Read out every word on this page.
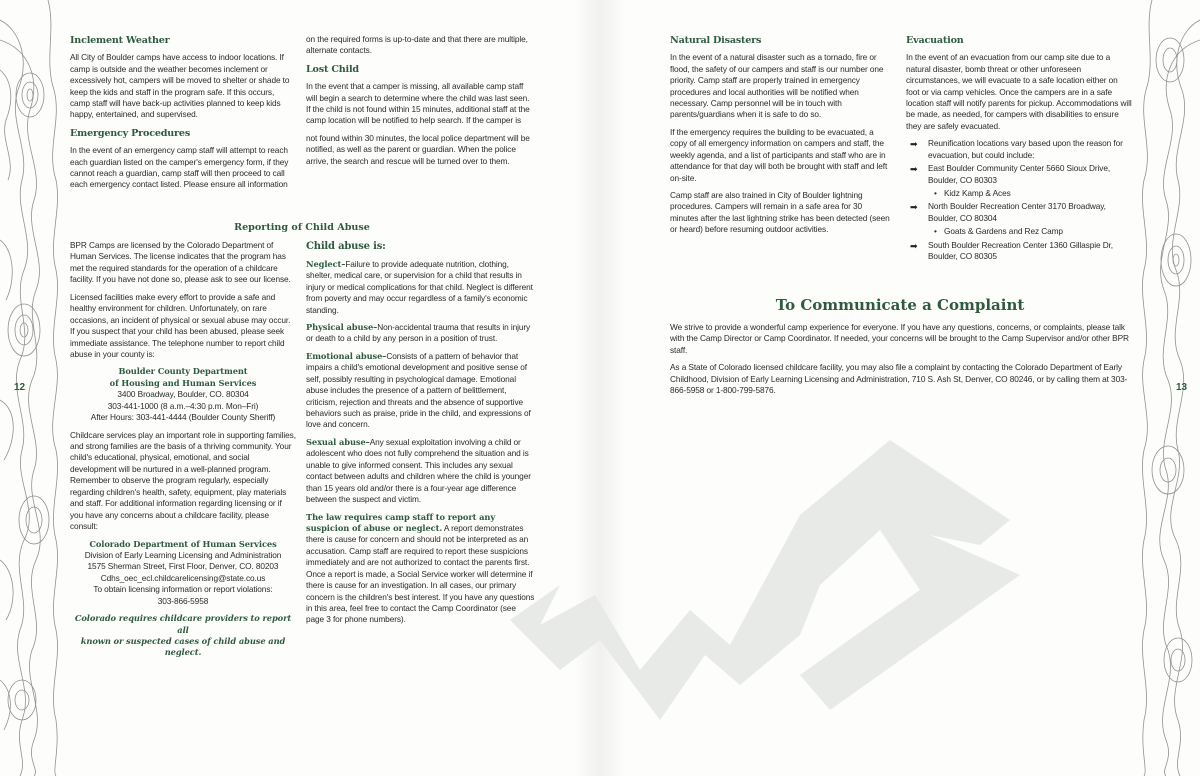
12	13
Inclement Weather

All City of Boulder camps have access to indoor locations. If camp is outside and the weather becomes inclement or excessively hot, campers will be moved to shelter or shade to keep the kids and staff in the program safe. If this occurs, camp staff will have back-up activities planned to keep kids happy, entertained, and supervised.

Emergency Procedures

In the event of an emergency camp staff will attempt to reach each guardian listed on the camper's emergency form, if they cannot reach a guardian, camp staff will then proceed to call each emergency contact listed. Please ensure all information

on the required forms is up-to-date and that there are multiple, alternate contacts.

Lost Child

In the event that a camper is missing, all available camp staff will begin a search to determine where the child was last seen. If the child is not found within 15 minutes, additional staff at the camp location will be notified to help search. If the camper is

not found within 30 minutes, the local police department will be notified, as well as the parent or guardian. When the police arrive, the search and rescue will be turned over to them.

Reporting of Child Abuse

BPR Camps are licensed by the Colorado Department of Human Services. The license indicates that the program has met the required standards for the operation of a childcare facility. If you have not done so, please ask to see our license.

Licensed facilities make every effort to provide a safe and healthy environment for children. Unfortunately, on rare occasions, an incident of physical or sexual abuse may occur. If you suspect that your child has been abused, please seek immediate assistance. The telephone number to report child abuse in your county is:

Boulder County Department
of Housing and Human Services
3400 Broadway, Boulder, CO. 80304
303-441-1000 (8 a.m.–4:30 p.m. Mon–Fri)
After Hours: 303-441-4444 (Boulder County Sheriff)

Childcare services play an important role in supporting families, and strong families are the basis of a thriving community. Your child's educational, physical, emotional, and social development will be nurtured in a well-planned program. Remember to observe the program regularly, especially regarding children's health, safety, equipment, play materials and staff. For additional information regarding licensing or if you have any concerns about a childcare facility, please consult:

Colorado Department of Human Services
Division of Early Learning Licensing and Administration
1575 Sherman Street, First Floor, Denver, CO. 80203
Cdhs_oec_ecl.childcarelicensing@state.co.us
To obtain licensing information or report violations:
303-866-5958
Colorado requires childcare providers to report all
known or suspected cases of child abuse and neglect.
Child abuse is:

Neglect–Failure to provide adequate nutrition, clothing, shelter, medical care, or supervision for a child that results in injury or medical complications for that child. Neglect is different from poverty and may occur regardless of a family's economic standing.

Physical abuse–Non-accidental trauma that results in injury or death to a child by any person in a position of trust.

Emotional abuse–Consists of a pattern of behavior that impairs a child's emotional development and positive sense of self, possibly resulting in psychological damage. Emotional abuse includes the presence of a pattern of belittlement, criticism, rejection and threats and the absence of supportive behaviors such as praise, pride in the child, and expressions of love and concern.

Sexual abuse–Any sexual exploitation involving a child or adolescent who does not fully comprehend the situation and is unable to give informed consent. This includes any sexual contact between adults and children where the child is younger than 15 years old and/or there is a four-year age difference between the suspect and victim.

The law requires camp staff to report any suspicion of abuse or neglect. A report demonstrates there is cause for concern and should not be interpreted as an accusation. Camp staff are required to report these suspicions immediately and are not authorized to contact the parents first. Once a report is made, a Social Service worker will determine if there is cause for an investigation. In all cases, our primary concern is the children's best interest. If you have any questions in this area, feel free to contact the Camp Coordinator (see page 3 for phone numbers).

Natural Disasters

In the event of a natural disaster such as a tornado, fire or flood, the safety of our campers and staff is our number one priority. Camp staff are properly trained in emergency procedures and local authorities will be notified when necessary. Camp personnel will be in touch with parents/guardians when it is safe to do so.

If the emergency requires the building to be evacuated, a copy of all emergency information on campers and staff, the weekly agenda, and a list of participants and staff who are in attendance for that day will both be brought with staff and left on-site.

Camp staff are also trained in City of Boulder lightning procedures. Campers will remain in a safe area for 30 minutes after the last lightning strike has been detected (seen or heard) before resuming outdoor activities.

Evacuation

In the event of an evacuation from our camp site due to a natural disaster, bomb threat or other unforeseen circumstances, we will evacuate to a safe location either on foot or via camp vehicles. Once the campers are in a safe location staff will notify parents for pickup. Accommodations will be made, as needed, for campers with disabilities to ensure they are safely evacuated.

➡ Reunification locations vary based upon the reason for evacuation, but could include:
➡ East Boulder Community Center 5660 Sioux Drive, Boulder, CO 80303
• Kidz Kamp & Aces
➡ North Boulder Recreation Center 3170 Broadway, Boulder, CO 80304
• Goats & Gardens and Rez Camp
➡ South Boulder Recreation Center 1360 Gillaspie Dr, Boulder, CO 80305
To Communicate a Complaint

We strive to provide a wonderful camp experience for everyone. If you have any questions, concerns, or complaints, please talk with the Camp Director or Camp Coordinator. If needed, your concerns will be brought to the Camp Supervisor and/or other BPR staff.

As a State of Colorado licensed childcare facility, you may also file a complaint by contacting the Colorado Department of Early Childhood, Division of Early Learning Licensing and Administration, 710 S. Ash St, Denver, CO 80246, or by calling them at 303-866-5958 or 1-800-799-5876.
